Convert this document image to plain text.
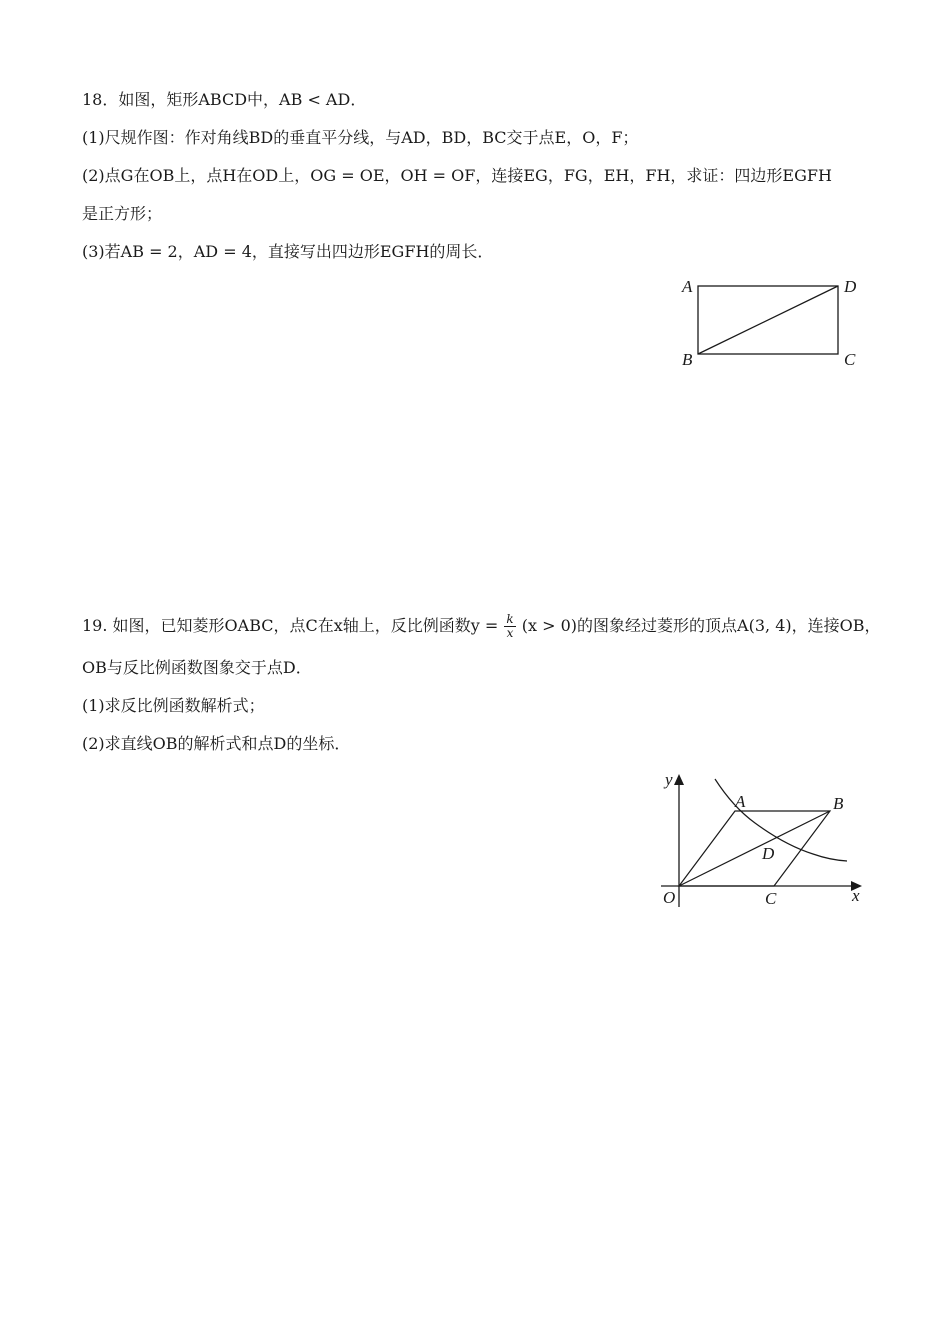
18．如图，矩形ABCD中，AB < AD．
(1)尺规作图：作对角线BD的垂直平分线，与AD，BD，BC交于点E，O，F；
(2)点G在OB上，点H在OD上，OG = OE，OH = OF，连接EG，FG，EH，FH，求证：四边形EGFH
是正方形；
(3)若AB = 2，AD = 4，直接写出四边形EGFH的周长．
A	D
B	C
19. 如图，已知菱形OABC，点C在x轴上，反比例函数$y = \frac{k}{x} (x > 0)$的图象经过菱形的顶点A(3, 4)，连接OB，
OB与反比例函数图象交于点D．
(1)求反比例函数解析式；
(2)求直线OB的解析式和点D的坐标．
y
A	B
D
O	C	x
